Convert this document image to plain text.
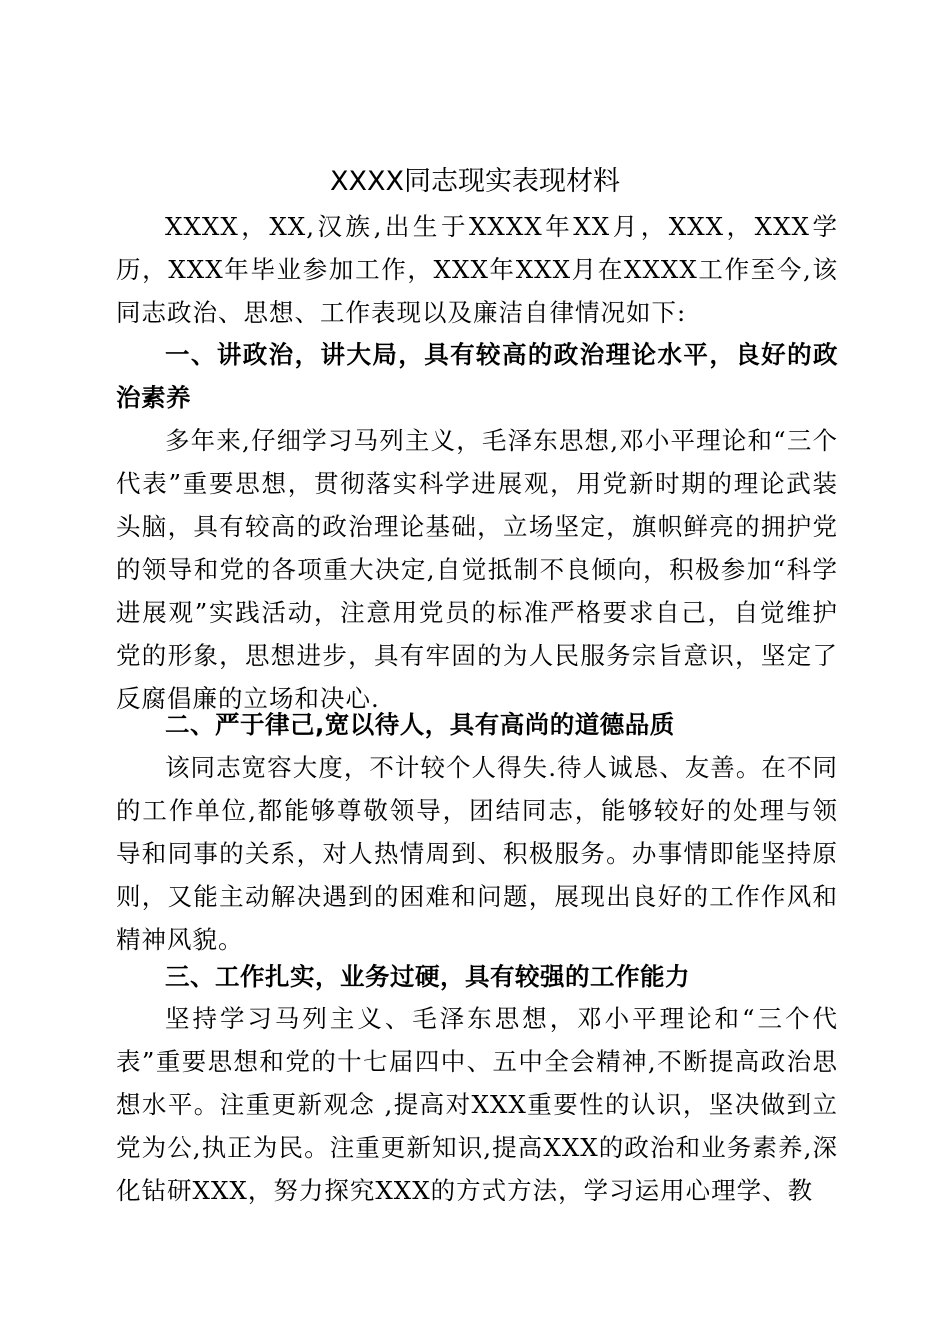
XXXX同志现实表现材料
XXXX，XX,汉族,出生于XXXX年XX月，XXX，XXX学历，XXX年毕业参加工作，XXX年XXX月在XXXX工作至今,该同志政治、思想、工作表现以及廉洁自律情况如下:
一、讲政治，讲大局，具有较高的政治理论水平，良好的政治素养
多年来,仔细学习马列主义，毛泽东思想,邓小平理论和“三个代表”重要思想，贯彻落实科学进展观，用党新时期的理论武装头脑，具有较高的政治理论基础，立场坚定，旗帜鲜亮的拥护党的领导和党的各项重大决定,自觉抵制不良倾向，积极参加“科学进展观”实践活动，注意用党员的标准严格要求自己，自觉维护党的形象，思想进步，具有牢固的为人民服务宗旨意识，坚定了反腐倡廉的立场和决心.
二、严于律己,宽以待人，具有高尚的道德品质
该同志宽容大度，不计较个人得失.待人诚恳、友善。在不同的工作单位,都能够尊敬领导，团结同志，能够较好的处理与领导和同事的关系，对人热情周到、积极服务。办事情即能坚持原则，又能主动解决遇到的困难和问题，展现出良好的工作作风和精神风貌。
三、工作扎实，业务过硬，具有较强的工作能力
坚持学习马列主义、毛泽东思想，邓小平理论和“三个代表”重要思想和党的十七届四中、五中全会精神,不断提高政治思想水平。注重更新观念 ,提高对XXX重要性的认识，坚决做到立党为公,执正为民。注重更新知识,提高XXX的政治和业务素养,深化钻研XXX，努力探究XXX的方式方法，学习运用心理学、教
